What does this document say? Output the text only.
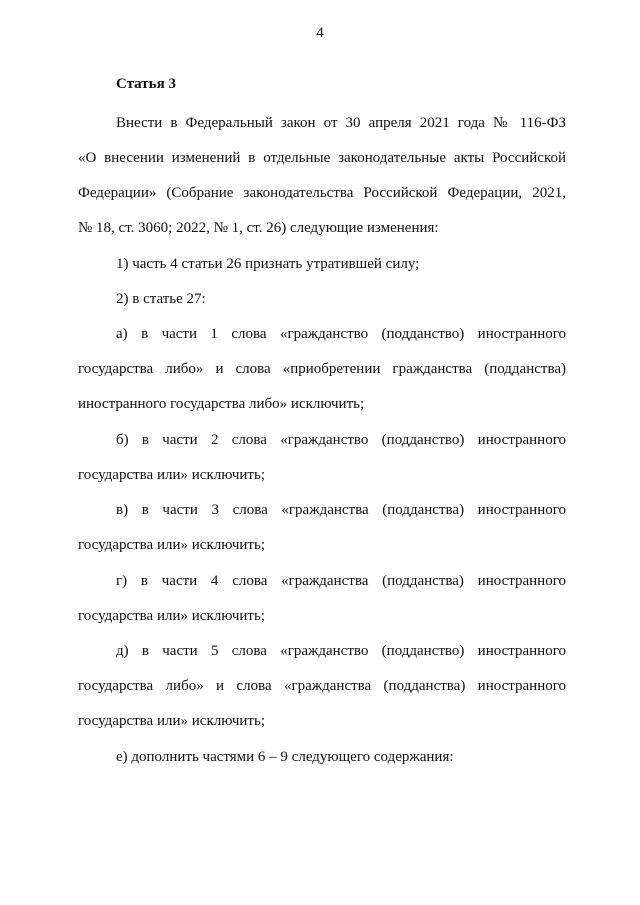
4
Статья 3
Внести в Федеральный закон от 30 апреля 2021 года № 116-ФЗ
«О внесении изменений в отдельные законодательные акты Российской
Федерации» (Собрание законодательства Российской Федерации, 2021,
№ 18, ст. 3060; 2022, № 1, ст. 26) следующие изменения:
1) часть 4 статьи 26 признать утратившей силу;
2) в статье 27:
а) в части 1 слова «гражданство (подданство) иностранного
государства либо» и слова «приобретении гражданства (подданства)
иностранного государства либо» исключить;
б) в части 2 слова «гражданство (подданство) иностранного
государства или» исключить;
в) в части 3 слова «гражданства (подданства) иностранного
государства или» исключить;
г) в части 4 слова «гражданства (подданства) иностранного
государства или» исключить;
д) в части 5 слова «гражданство (подданство) иностранного
государства либо» и слова «гражданства (подданства) иностранного
государства или» исключить;
е) дополнить частями 6 – 9 следующего содержания:
